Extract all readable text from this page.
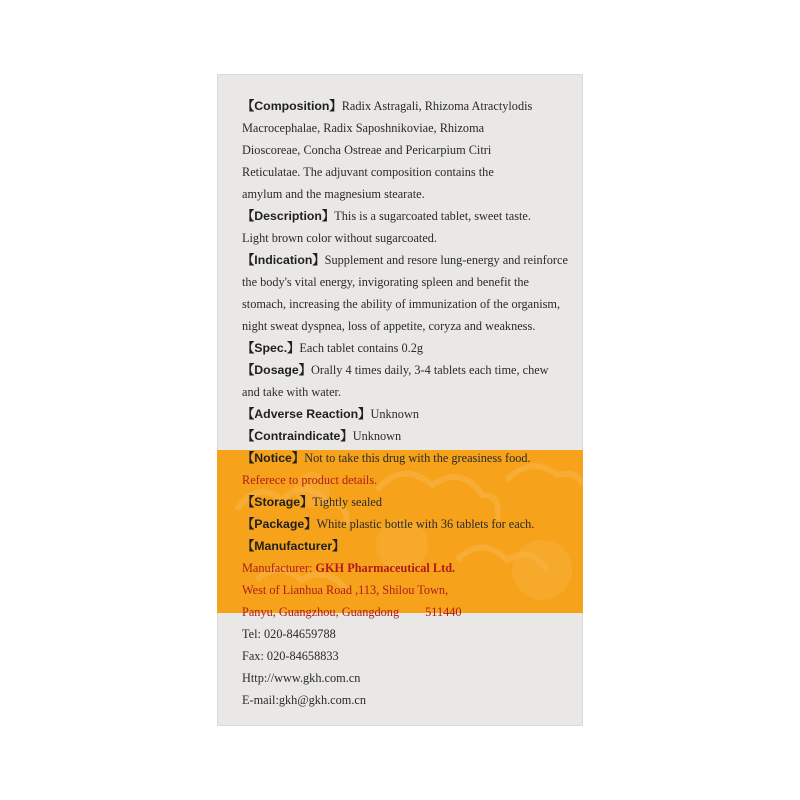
【Composition】Radix Astragali, Rhizoma Atractylodis
Macrocephalae, Radix Saposhnikoviae, Rhizoma
Dioscoreae, Concha Ostreae and Pericarpium Citri
Reticulatae. The adjuvant composition contains the
amylum and the magnesium stearate.
【Description】This is a sugarcoated tablet, sweet taste.
Light brown color without sugarcoated.
【Indication】Supplement and resore lung-energy and reinforce
the body's vital energy, invigorating spleen and benefit the
stomach, increasing the ability of immunization of the organism,
night sweat dyspnea, loss of appetite, coryza and weakness.
【Spec.】Each tablet contains 0.2g
【Dosage】Orally 4 times daily, 3-4 tablets each time, chew
and take with water.
【Adverse Reaction】Unknown
【Contraindicate】Unknown
【Notice】Not to take this drug with the greasiness food.
Referece to product details.
【Storage】Tightly sealed
【Package】White plastic bottle with 36 tablets for each.
【Manufacturer】
Manufacturer: GKH Pharmaceutical Ltd.
West of Lianhua Road ,113, Shilou Town,
Panyu, Guangzhou, Guangdong 511440
Tel: 020-84659788
Fax: 020-84658833
Http://www.gkh.com.cn
E-mail:gkh@gkh.com.cn
